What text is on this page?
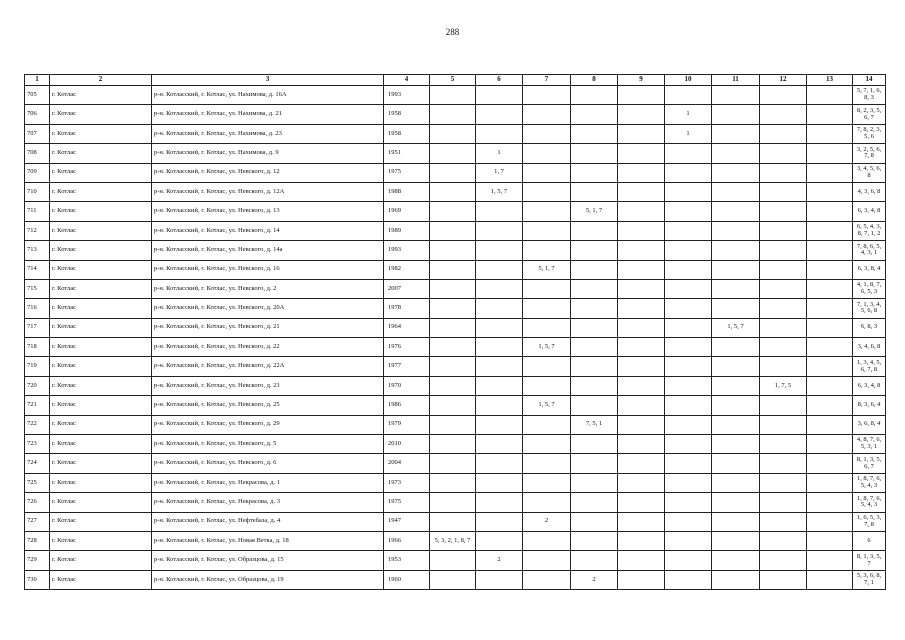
288
1	2	3	4	5	6	7	8	9	10	11	12	13	14
705	г. Котлас	р-н. Котласский, г. Котлас, ул. Нахимова, д. 16А	1993										5, 7, 1, 6, 8, 3
706	г. Котлас	р-н. Котласский, г. Котлас, ул. Нахимова, д. 21	1958						1				8, 2, 3, 5, 6, 7
707	г. Котлас	р-н. Котласский, г. Котлас, ул. Нахимова, д. 23	1958						1				7, 8, 2, 3, 5, 6
708	г. Котлас	р-н. Котласский, г. Котлас, ул. Нахимова, д. 9	1951		1								3, 2, 5, 6, 7, 8
709	г. Котлас	р-н. Котласский, г. Котлас, ул. Невского, д. 12	1975		1, 7								3, 4, 5, 6, 8
710	г. Котлас	р-н. Котласский, г. Котлас, ул. Невского, д. 12А	1988		1, 5, 7								4, 3, 6, 8
711	г. Котлас	р-н. Котласский, г. Котлас, ул. Невского, д. 13	1969				5, 1, 7						6, 3, 4, 8
712	г. Котлас	р-н. Котласский, г. Котлас, ул. Невского, д. 14	1989										6, 5, 4, 3, 8, 7, 1, 2
713	г. Котлас	р-н. Котласский, г. Котлас, ул. Невского, д. 14а	1993										7, 8, 6, 5, 4, 3, 1
714	г. Котлас	р-н. Котласский, г. Котлас, ул. Невского, д. 16	1982			5, 1, 7							6, 3, 8, 4
715	г. Котлас	р-н. Котласский, г. Котлас, ул. Невского, д. 2	2007										4, 1, 8, 7, 6, 5, 3
716	г. Котлас	р-н. Котласский, г. Котлас, ул. Невского, д. 20А	1978										7, 1, 3, 4, 5, 6, 8
717	г. Котлас	р-н. Котласский, г. Котлас, ул. Невского, д. 21	1964							1, 5, 7			6, 8, 3
718	г. Котлас	р-н. Котласский, г. Котлас, ул. Невского, д. 22	1976			1, 5, 7							3, 4, 6, 8
719	г. Котлас	р-н. Котласский, г. Котлас, ул. Невского, д. 22А	1977										1, 3, 4, 5, 6, 7, 8
720	г. Котлас	р-н. Котласский, г. Котлас, ул. Невского, д. 23	1970								1, 7, 5		6, 3, 4, 8
721	г. Котлас	р-н. Котласский, г. Котлас, ул. Невского, д. 25	1986			1, 5, 7							8, 3, 6, 4
722	г. Котлас	р-н. Котласский, г. Котлас, ул. Невского, д. 29	1979				7, 5, 1						3, 6, 8, 4
723	г. Котлас	р-н. Котласский, г. Котлас, ул. Невского, д. 5	2010										4, 8, 7, 6, 5, 3, 1
724	г. Котлас	р-н. Котласский, г. Котлас, ул. Невского, д. 6	2004										8, 1, 3, 5, 6, 7
725	г. Котлас	р-н. Котласский, г. Котлас, ул. Некрасова, д. 1	1973										1, 8, 7, 6, 5, 4, 3
726	г. Котлас	р-н. Котласский, г. Котлас, ул. Некрасова, д. 3	1975										1, 8, 7, 6, 5, 4, 3
727	г. Котлас	р-н. Котласский, г. Котлас, ул. Нефтебаза, д. 4	1947			2							1, 6, 5, 3, 7, 8
728	г. Котлас	р-н. Котласский, г. Котлас, ул. Новая Ветка, д. 18	1966	5, 3, 2, 1, 8, 7									6
729	г. Котлас	р-н. Котласский, г. Котлас, ул. Образцова, д. 15	1953		2								8, 1, 3, 5, 7
730	г. Котлас	р-н. Котласский, г. Котлас, ул. Образцова, д. 19	1960				2						5, 3, 6, 8, 7, 1
